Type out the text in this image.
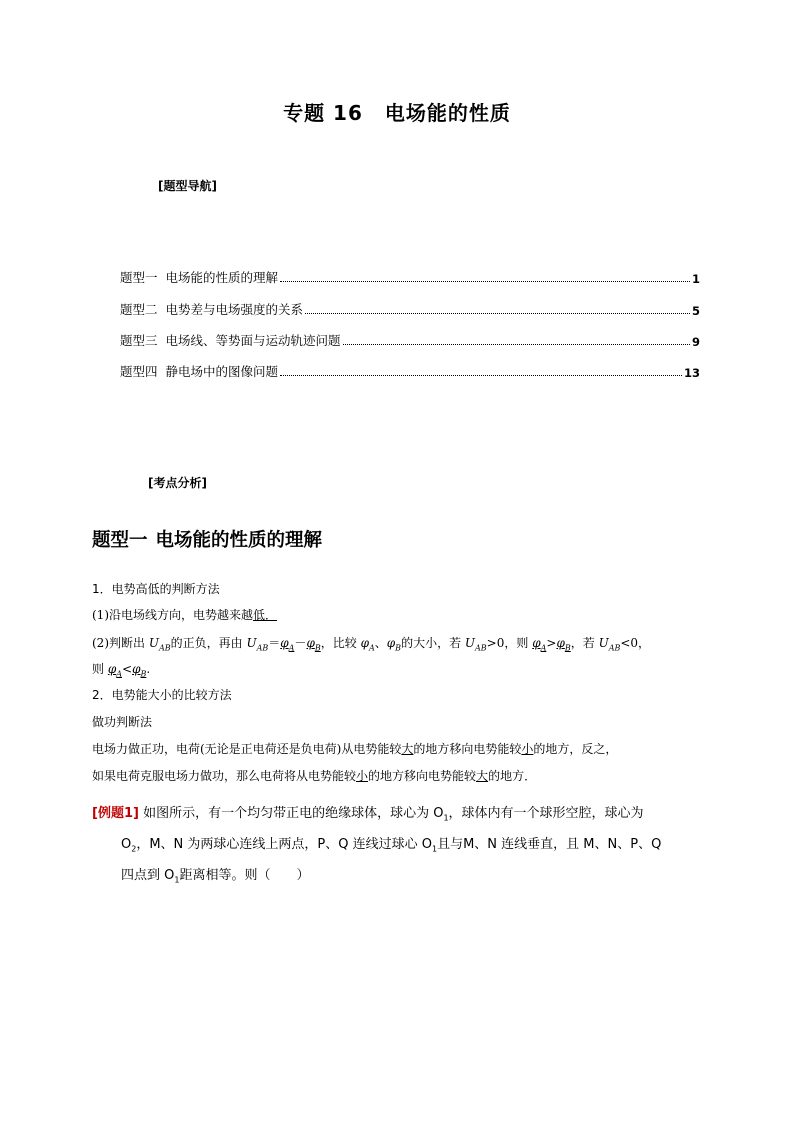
专题 16 电场能的性质
[题型导航]
题型一 电场能的性质的理解	1
题型二 电势差与电场强度的关系	5
题型三 电场线、等势面与运动轨迹问题	9
题型四 静电场中的图像问题	13
[考点分析]
题型一 电场能的性质的理解
1．电势高低的判断方法
(1)沿电场线方向，电势越来越低．
(2)判断出 $U_{AB}$的正负，再由 $U_{AB}=\varphi_A-\varphi_B$，比较 $\varphi_A$、$\varphi_B$的大小，若 $U_{AB}>0$，则 $\varphi_A>\varphi_B$，若 $U_{AB}<0$，
则 $\varphi_A<\varphi_B$.
2．电势能大小的比较方法
做功判断法
电场力做正功，电荷(无论是正电荷还是负电荷)从电势能较大的地方移向电势能较小的地方，反之，
如果电荷克服电场力做功，那么电荷将从电势能较小的地方移向电势能较大的地方．
[例题1] 如图所示，有一个均匀带正电的绝缘球体，球心为 $O_1$，球体内有一个球形空腔，球心为
$O_2$，M、N 为两球心连线上两点，P、Q 连线过球心 $O_1$且与M、N 连线垂直，且 M、N、P、Q
四点到 $O_1$距离相等。则（　　）
